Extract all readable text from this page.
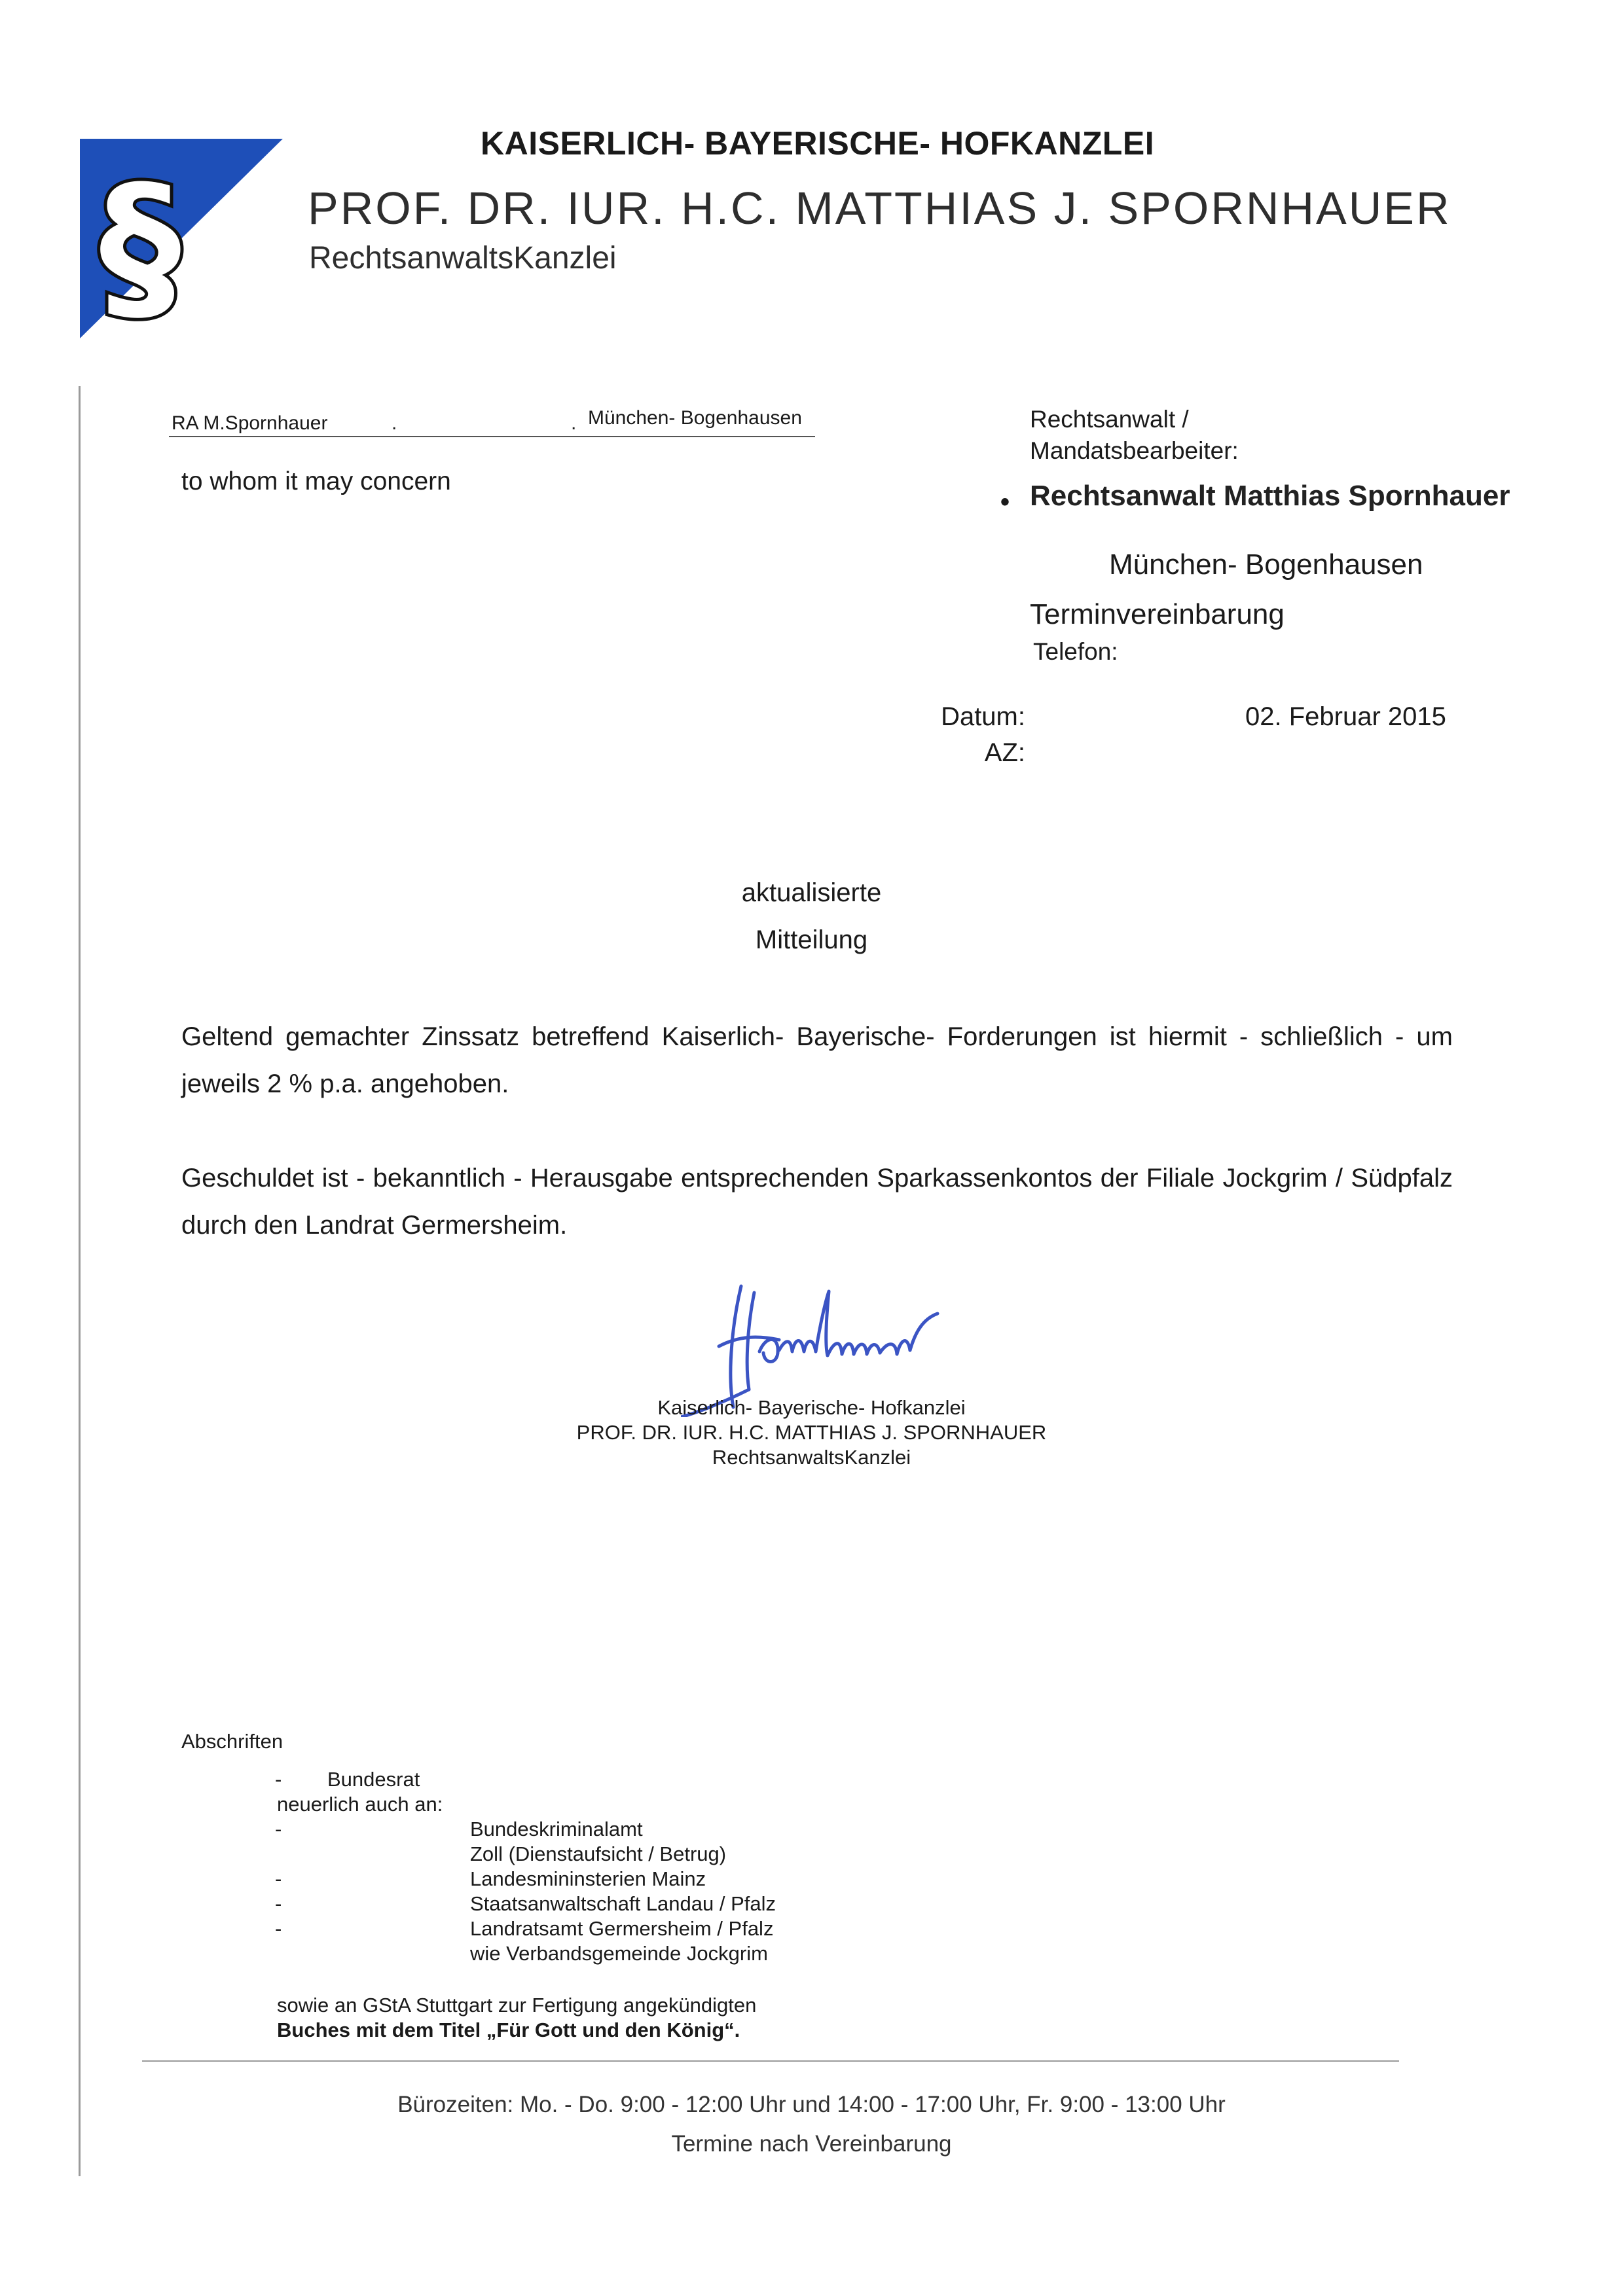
§
KAISERLICH- BAYERISCHE- HOFKANZLEI
PROF. DR. IUR. H.C. MATTHIAS J. SPORNHAUER
RechtsanwaltsKanzlei
RA M.Spornhauer	.	. München- Bogenhausen
to whom it may concern
Rechtsanwalt /
Mandatsbearbeiter:
• Rechtsanwalt Matthias Spornhauer
München- Bogenhausen
Terminvereinbarung
Telefon:
Datum:	02. Februar 2015
AZ:
aktualisierte
Mitteilung
Geltend gemachter Zinssatz betreffend Kaiserlich- Bayerische- Forderungen ist hiermit - schließlich - um jeweils 2 % p.a. angehoben.
Geschuldet ist - bekanntlich - Herausgabe entsprechenden Sparkassenkontos der Filiale Jockgrim / Südpfalz durch den Landrat Germersheim.
Kaiserlich- Bayerische- Hofkanzlei
PROF. DR. IUR. H.C. MATTHIAS J. SPORNHAUER
RechtsanwaltsKanzlei
Abschriften
- Bundesrat
neuerlich auch an:
-	Bundeskriminalamt
Zoll (Dienstaufsicht / Betrug)
-	Landesmininsterien Mainz
-	Staatsanwaltschaft Landau / Pfalz
-	Landratsamt Germersheim / Pfalz
wie Verbandsgemeinde Jockgrim
sowie an GStA Stuttgart zur Fertigung angekündigten
Buches mit dem Titel „Für Gott und den König“.
Bürozeiten: Mo. - Do. 9:00 - 12:00 Uhr und 14:00 - 17:00 Uhr, Fr. 9:00 - 13:00 Uhr
Termine nach Vereinbarung
